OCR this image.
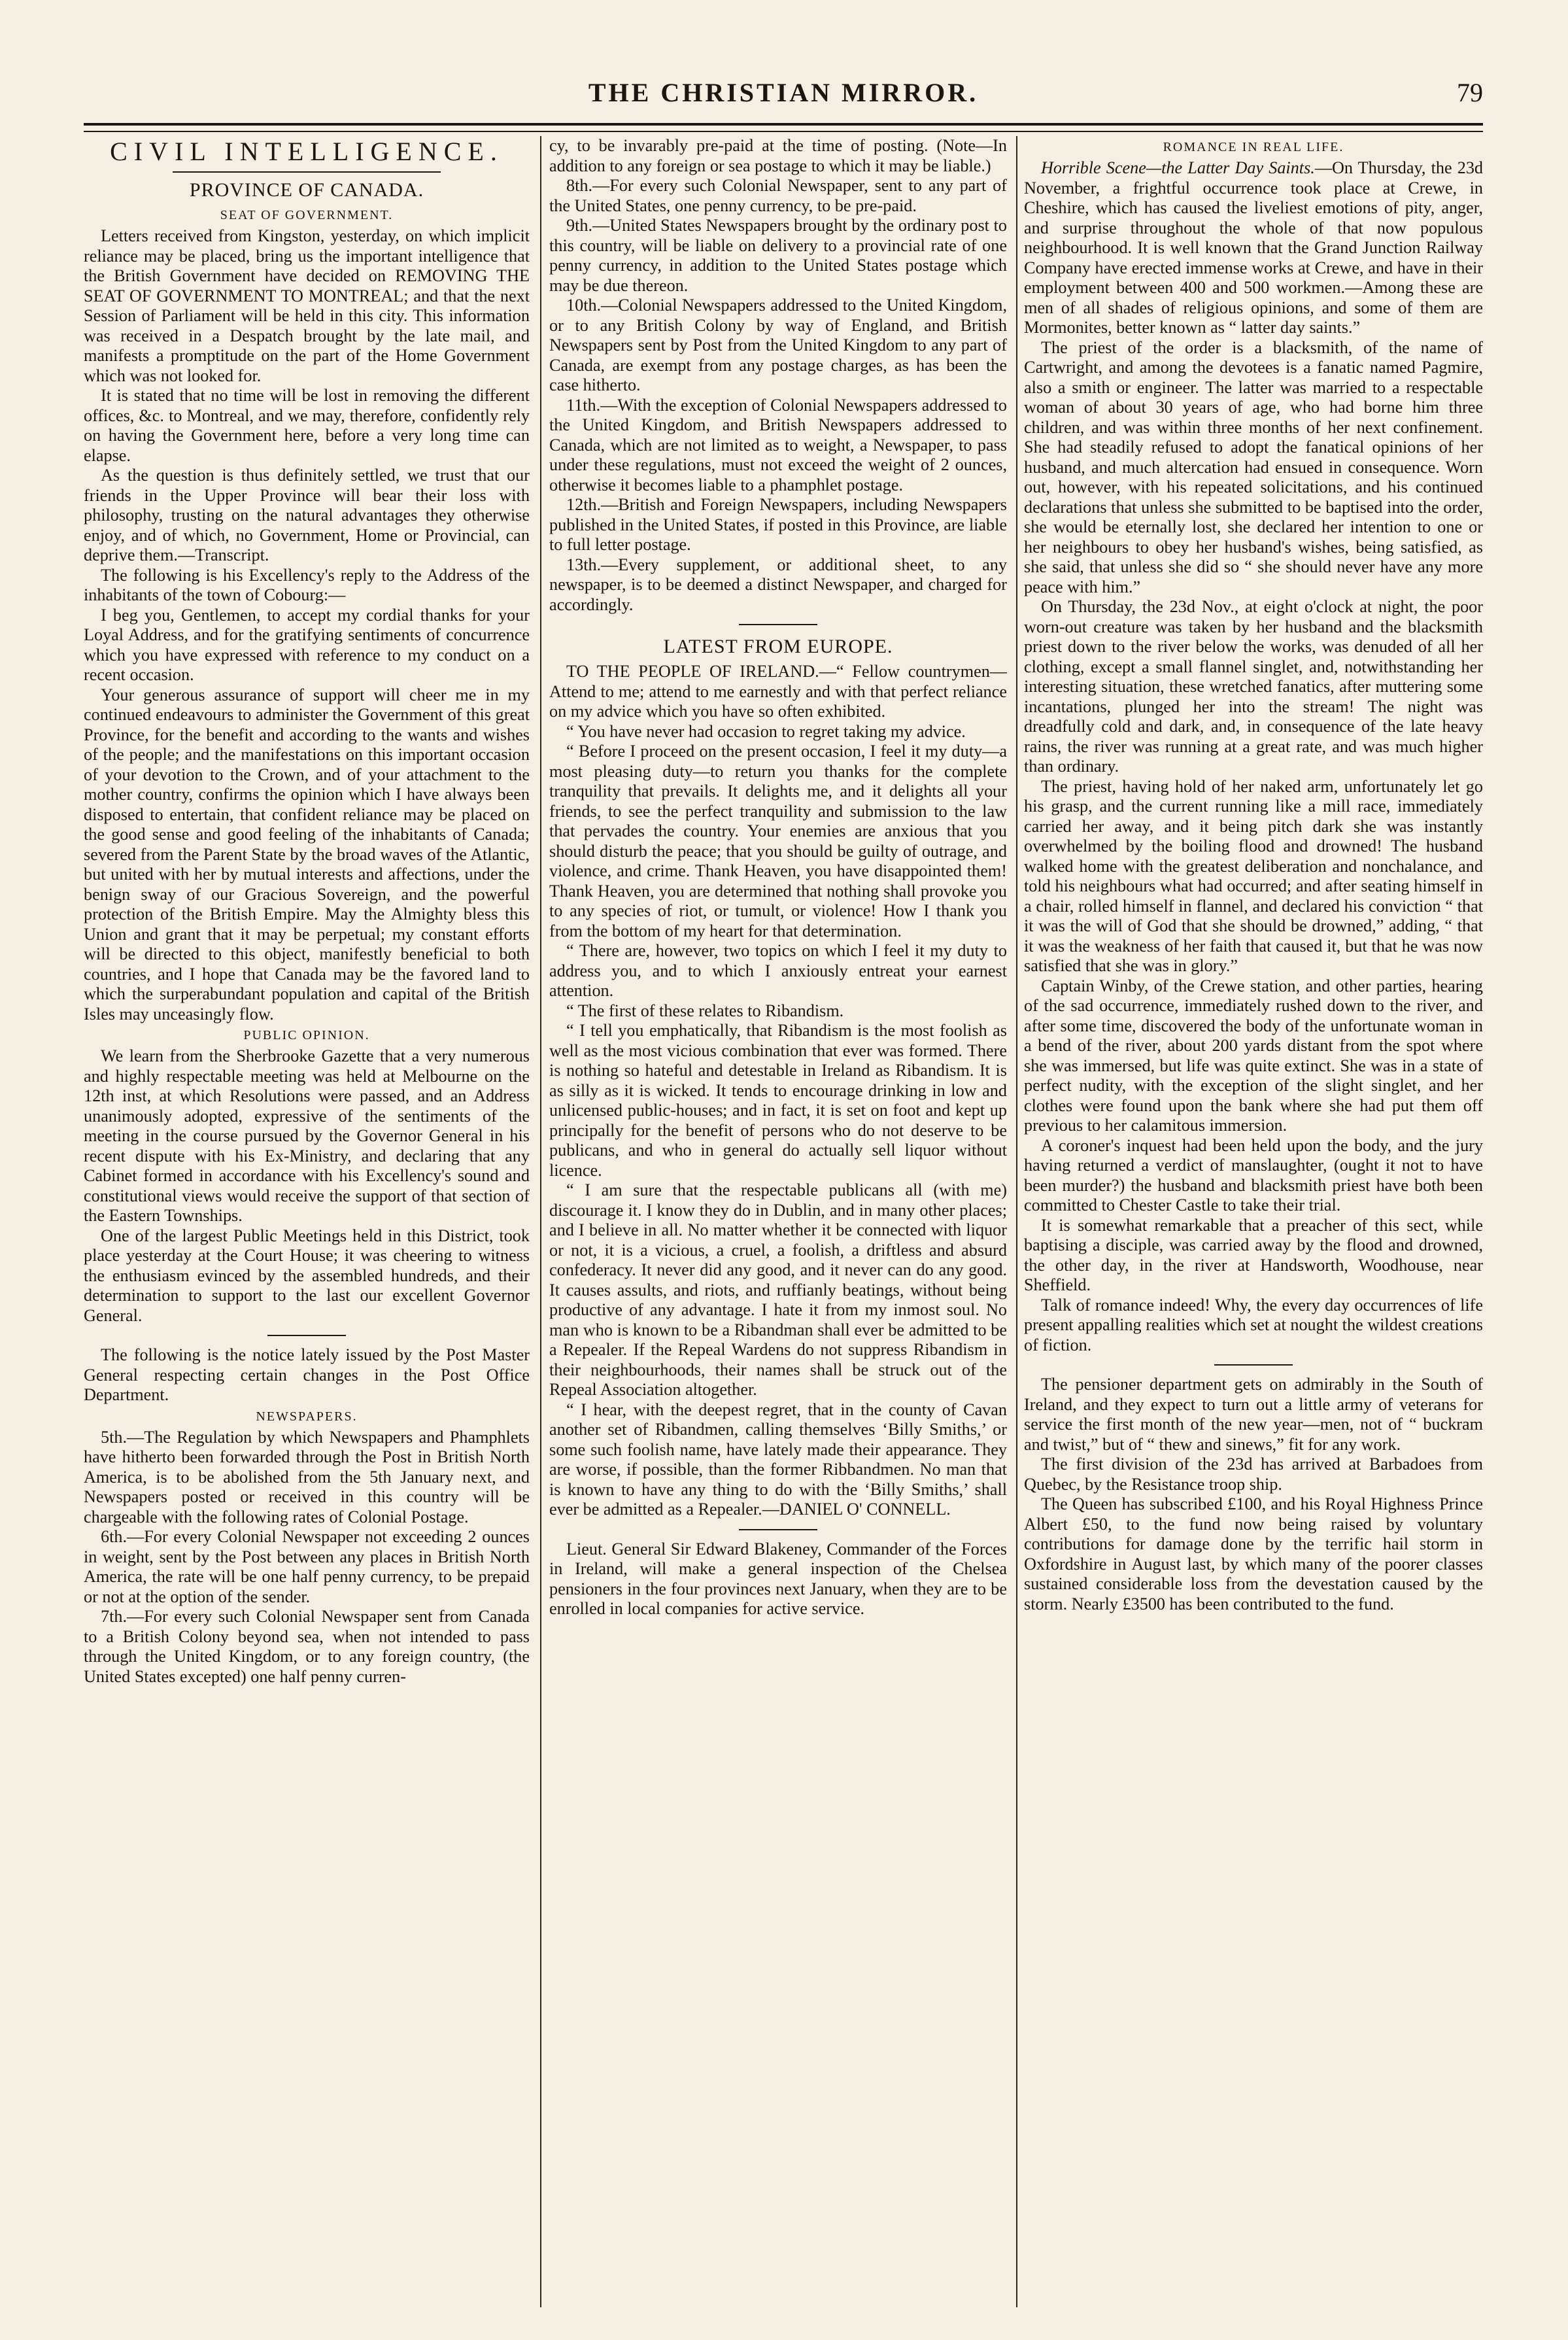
THE CHRISTIAN MIRROR.	79
CIVIL INTELLIGENCE.
PROVINCE OF CANADA.
SEAT OF GOVERNMENT.

Letters received from Kingston, yesterday, on which implicit reliance may be placed, bring us the important intelligence that the British Government have decided on REMOVING THE SEAT OF GOVERNMENT TO MONTREAL; and that the next Session of Parliament will be held in this city. This information was received in a Despatch brought by the late mail, and manifests a promptitude on the part of the Home Government which was not looked for.

It is stated that no time will be lost in removing the different offices, &c. to Montreal, and we may, therefore, confidently rely on having the Government here, before a very long time can elapse.

As the question is thus definitely settled, we trust that our friends in the Upper Province will bear their loss with philosophy, trusting on the natural advantages they otherwise enjoy, and of which, no Government, Home or Provincial, can deprive them.—Transcript.

The following is his Excellency's reply to the Address of the inhabitants of the town of Cobourg:—

I beg you, Gentlemen, to accept my cordial thanks for your Loyal Address, and for the gratifying sentiments of concurrence which you have expressed with reference to my conduct on a recent occasion.

Your generous assurance of support will cheer me in my continued endeavours to administer the Government of this great Province, for the benefit and according to the wants and wishes of the people; and the manifestations on this important occasion of your devotion to the Crown, and of your attachment to the mother country, confirms the opinion which I have always been disposed to entertain, that confident reliance may be placed on the good sense and good feeling of the inhabitants of Canada; severed from the Parent State by the broad waves of the Atlantic, but united with her by mutual interests and affections, under the benign sway of our Gracious Sovereign, and the powerful protection of the British Empire. May the Almighty bless this Union and grant that it may be perpetual; my constant efforts will be directed to this object, manifestly beneficial to both countries, and I hope that Canada may be the favored land to which the surperabundant population and capital of the British Isles may unceasingly flow.

PUBLIC OPINION.

We learn from the Sherbrooke Gazette that a very numerous and highly respectable meeting was held at Melbourne on the 12th inst, at which Resolutions were passed, and an Address unanimously adopted, expressive of the sentiments of the meeting in the course pursued by the Governor General in his recent dispute with his Ex-Ministry, and declaring that any Cabinet formed in accordance with his Excellency's sound and constitutional views would receive the support of that section of the Eastern Townships.

One of the largest Public Meetings held in this District, took place yesterday at the Court House; it was cheering to witness the enthusiasm evinced by the assembled hundreds, and their determination to support to the last our excellent Governor General.

The following is the notice lately issued by the Post Master General respecting certain changes in the Post Office Department.

NEWSPAPERS.

5th.—The Regulation by which Newspapers and Phamphlets have hitherto been forwarded through the Post in British North America, is to be abolished from the 5th January next, and Newspapers posted or received in this country will be chargeable with the following rates of Colonial Postage.

6th.—For every Colonial Newspaper not exceeding 2 ounces in weight, sent by the Post between any places in British North America, the rate will be one half penny currency, to be prepaid or not at the option of the sender.

7th.—For every such Colonial Newspaper sent from Canada to a British Colony beyond sea, when not intended to pass through the United Kingdom, or to any foreign country, (the United States excepted) one half penny curren-

cy, to be invarably pre-paid at the time of posting. (Note—In addition to any foreign or sea postage to which it may be liable.)

8th.—For every such Colonial Newspaper, sent to any part of the United States, one penny currency, to be pre-paid.

9th.—United States Newspapers brought by the ordinary post to this country, will be liable on delivery to a provincial rate of one penny currency, in addition to the United States postage which may be due thereon.

10th.—Colonial Newspapers addressed to the United Kingdom, or to any British Colony by way of England, and British Newspapers sent by Post from the United Kingdom to any part of Canada, are exempt from any postage charges, as has been the case hitherto.

11th.—With the exception of Colonial Newspapers addressed to the United Kingdom, and British Newspapers addressed to Canada, which are not limited as to weight, a Newspaper, to pass under these regulations, must not exceed the weight of 2 ounces, otherwise it becomes liable to a phamphlet postage.

12th.—British and Foreign Newspapers, including Newspapers published in the United States, if posted in this Province, are liable to full letter postage.

13th.—Every supplement, or additional sheet, to any newspaper, is to be deemed a distinct Newspaper, and charged for accordingly.

LATEST FROM EUROPE.

TO THE PEOPLE OF IRELAND.—“ Fellow countrymen—Attend to me; attend to me earnestly and with that perfect reliance on my advice which you have so often exhibited.

“ You have never had occasion to regret taking my advice.

“ Before I proceed on the present occasion, I feel it my duty—a most pleasing duty—to return you thanks for the complete tranquility that prevails. It delights me, and it delights all your friends, to see the perfect tranquility and submission to the law that pervades the country. Your enemies are anxious that you should disturb the peace; that you should be guilty of outrage, and violence, and crime. Thank Heaven, you have disappointed them! Thank Heaven, you are determined that nothing shall provoke you to any species of riot, or tumult, or violence! How I thank you from the bottom of my heart for that determination.

“ There are, however, two topics on which I feel it my duty to address you, and to which I anxiously entreat your earnest attention.

“ The first of these relates to Ribandism.

“ I tell you emphatically, that Ribandism is the most foolish as well as the most vicious combination that ever was formed. There is nothing so hateful and detestable in Ireland as Ribandism. It is as silly as it is wicked. It tends to encourage drinking in low and unlicensed public-houses; and in fact, it is set on foot and kept up principally for the benefit of persons who do not deserve to be publicans, and who in general do actually sell liquor without licence.

“ I am sure that the respectable publicans all (with me) discourage it. I know they do in Dublin, and in many other places; and I believe in all. No matter whether it be connected with liquor or not, it is a vicious, a cruel, a foolish, a driftless and absurd confederacy. It never did any good, and it never can do any good. It causes assults, and riots, and ruffianly beatings, without being productive of any advantage. I hate it from my inmost soul. No man who is known to be a Ribandman shall ever be admitted to be a Repealer. If the Repeal Wardens do not suppress Ribandism in their neighbourhoods, their names shall be struck out of the Repeal Association altogether.

“ I hear, with the deepest regret, that in the county of Cavan another set of Ribandmen, calling themselves ‘Billy Smiths,’ or some such foolish name, have lately made their appearance. They are worse, if possible, than the former Ribbandmen. No man that is known to have any thing to do with the ‘Billy Smiths,’ shall ever be admitted as a Repealer.—DANIEL O' CONNELL.

Lieut. General Sir Edward Blakeney, Commander of the Forces in Ireland, will make a general inspection of the Chelsea pensioners in the four provinces next January, when they are to be enrolled in local companies for active service.

ROMANCE IN REAL LIFE.

Horrible Scene—the Latter Day Saints.—On Thursday, the 23d November, a frightful occurrence took place at Crewe, in Cheshire, which has caused the liveliest emotions of pity, anger, and surprise throughout the whole of that now populous neighbourhood. It is well known that the Grand Junction Railway Company have erected immense works at Crewe, and have in their employment between 400 and 500 workmen.—Among these are men of all shades of religious opinions, and some of them are Mormonites, better known as “ latter day saints.”

The priest of the order is a blacksmith, of the name of Cartwright, and among the devotees is a fanatic named Pagmire, also a smith or engineer. The latter was married to a respectable woman of about 30 years of age, who had borne him three children, and was within three months of her next confinement. She had steadily refused to adopt the fanatical opinions of her husband, and much altercation had ensued in consequence. Worn out, however, with his repeated solicitations, and his continued declarations that unless she submitted to be baptised into the order, she would be eternally lost, she declared her intention to one or her neighbours to obey her husband's wishes, being satisfied, as she said, that unless she did so “ she should never have any more peace with him.”

On Thursday, the 23d Nov., at eight o'clock at night, the poor worn-out creature was taken by her husband and the blacksmith priest down to the river below the works, was denuded of all her clothing, except a small flannel singlet, and, notwithstanding her interesting situation, these wretched fanatics, after muttering some incantations, plunged her into the stream! The night was dreadfully cold and dark, and, in consequence of the late heavy rains, the river was running at a great rate, and was much higher than ordinary.

The priest, having hold of her naked arm, unfortunately let go his grasp, and the current running like a mill race, immediately carried her away, and it being pitch dark she was instantly overwhelmed by the boiling flood and drowned! The husband walked home with the greatest deliberation and nonchalance, and told his neighbours what had occurred; and after seating himself in a chair, rolled himself in flannel, and declared his conviction “ that it was the will of God that she should be drowned,” adding, “ that it was the weakness of her faith that caused it, but that he was now satisfied that she was in glory.”

Captain Winby, of the Crewe station, and other parties, hearing of the sad occurrence, immediately rushed down to the river, and after some time, discovered the body of the unfortunate woman in a bend of the river, about 200 yards distant from the spot where she was immersed, but life was quite extinct. She was in a state of perfect nudity, with the exception of the slight singlet, and her clothes were found upon the bank where she had put them off previous to her calamitous immersion.

A coroner's inquest had been held upon the body, and the jury having returned a verdict of manslaughter, (ought it not to have been murder?) the husband and blacksmith priest have both been committed to Chester Castle to take their trial.

It is somewhat remarkable that a preacher of this sect, while baptising a disciple, was carried away by the flood and drowned, the other day, in the river at Handsworth, Woodhouse, near Sheffield.

Talk of romance indeed! Why, the every day occurrences of life present appalling realities which set at nought the wildest creations of fiction.

The pensioner department gets on admirably in the South of Ireland, and they expect to turn out a little army of veterans for service the first month of the new year—men, not of “ buckram and twist,” but of “ thew and sinews,” fit for any work.

The first division of the 23d has arrived at Barbadoes from Quebec, by the Resistance troop ship.

The Queen has subscribed £100, and his Royal Highness Prince Albert £50, to the fund now being raised by voluntary contributions for damage done by the terrific hail storm in Oxfordshire in August last, by which many of the poorer classes sustained considerable loss from the devestation caused by the storm. Nearly £3500 has been contributed to the fund.
